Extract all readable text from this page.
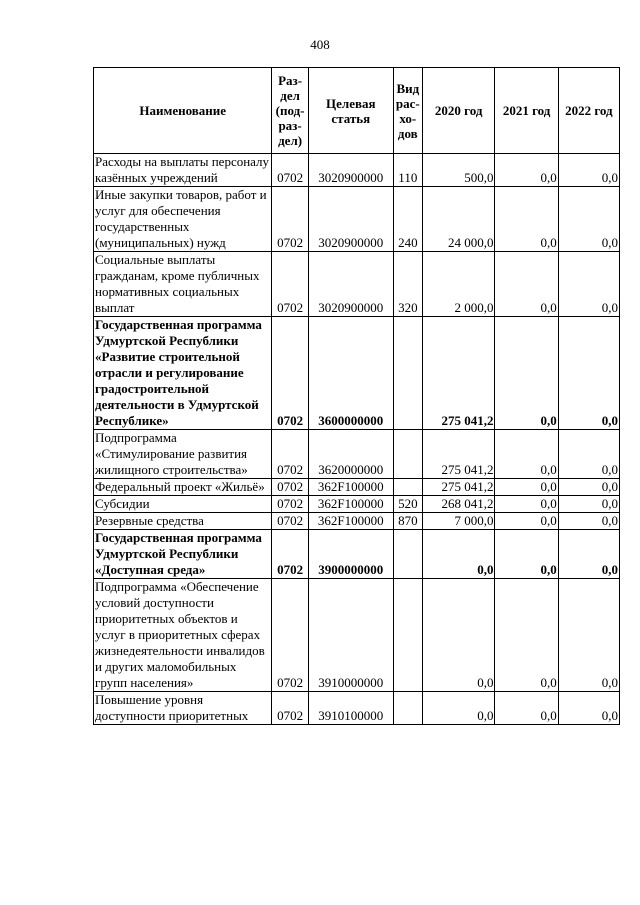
408
Наименование	Раз-дел (под-раз-дел)	Целевая статья	Вид рас-хо-дов	2020 год	2021 год	2022 год
Расходы на выплаты персоналу казённых учреждений	0702	3020900000	110	500,0	0,0	0,0
Иные закупки товаров, работ и услуг для обеспечения государственных (муниципальных) нужд	0702	3020900000	240	24 000,0	0,0	0,0
Социальные выплаты гражданам, кроме публичных нормативных социальных выплат	0702	3020900000	320	2 000,0	0,0	0,0
Государственная программа Удмуртской Республики «Развитие строительной отрасли и регулирование градостроительной деятельности в Удмуртской Республике»	0702	3600000000		275 041,2	0,0	0,0
Подпрограмма «Стимулирование развития жилищного строительства»	0702	3620000000		275 041,2	0,0	0,0
Федеральный проект «Жильё»	0702	362F100000		275 041,2	0,0	0,0
Субсидии	0702	362F100000	520	268 041,2	0,0	0,0
Резервные средства	0702	362F100000	870	7 000,0	0,0	0,0
Государственная программа Удмуртской Республики «Доступная среда»	0702	3900000000		0,0	0,0	0,0
Подпрограмма «Обеспечение условий доступности приоритетных объектов и услуг в приоритетных сферах жизнедеятельности инвалидов и других маломобильных групп населения»	0702	3910000000		0,0	0,0	0,0
Повышение уровня доступности приоритетных	0702	3910100000		0,0	0,0	0,0
